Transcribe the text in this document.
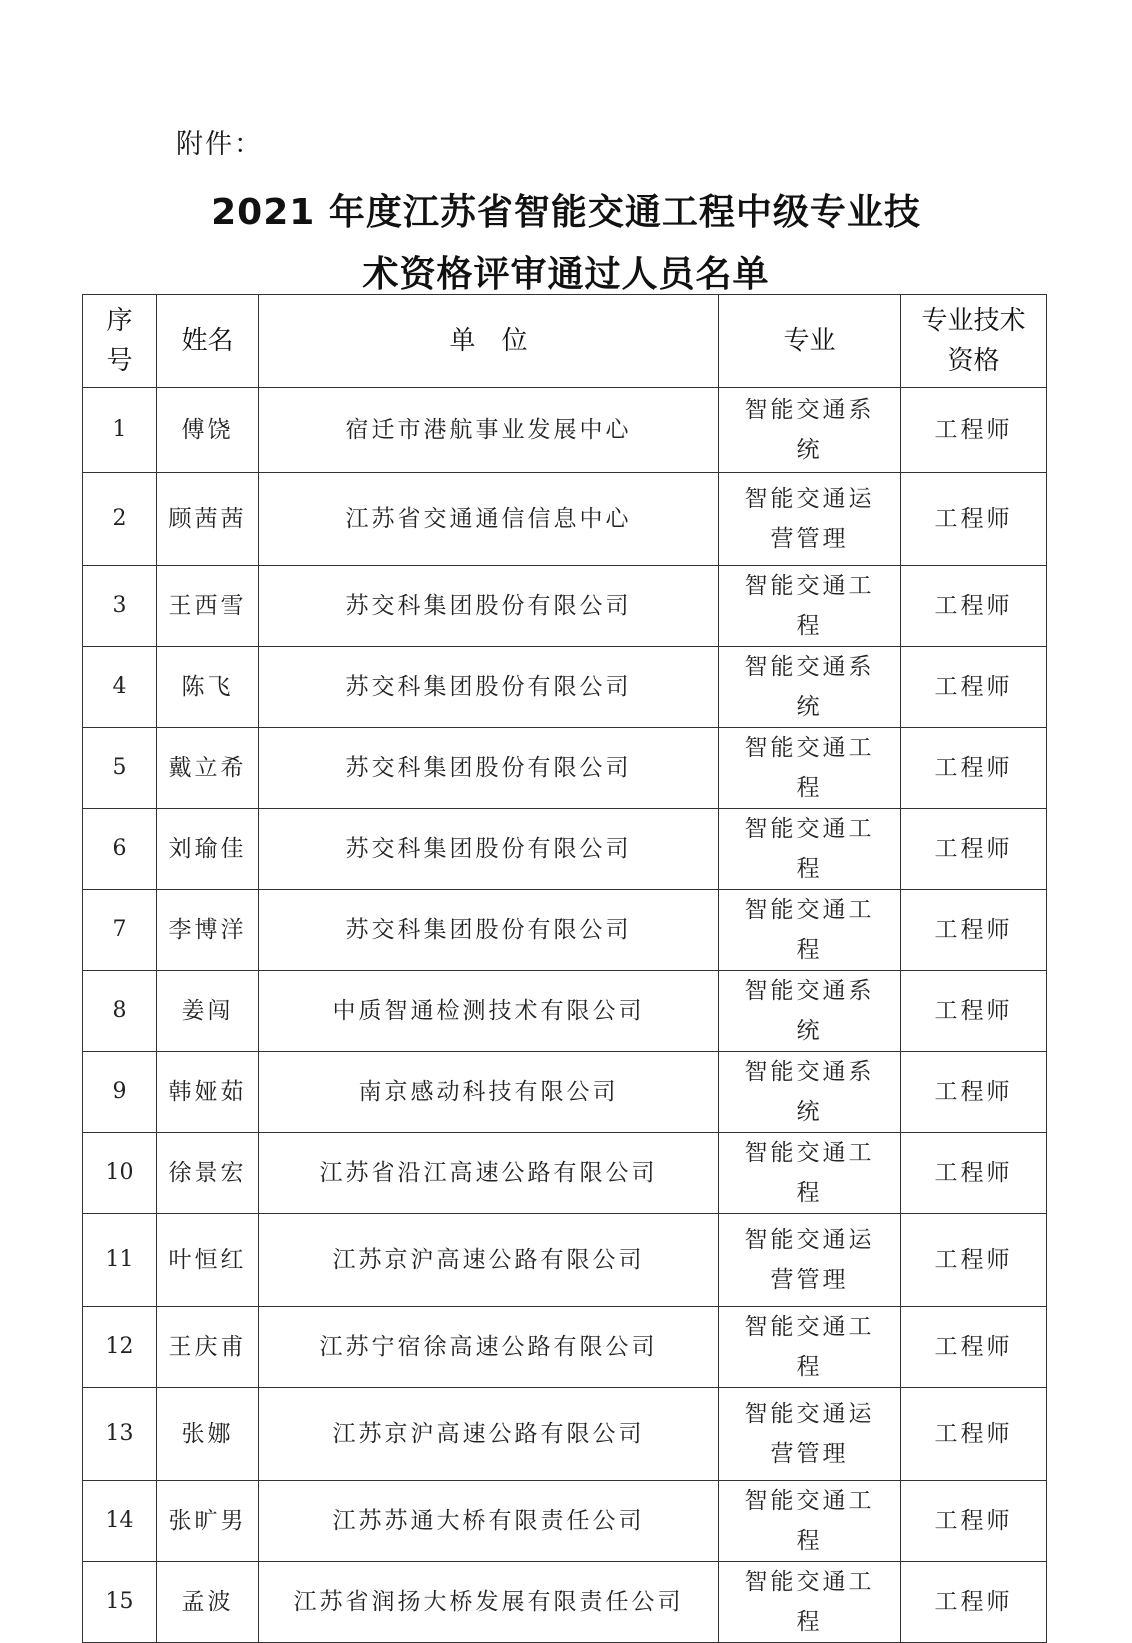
附件：
2021 年度江苏省智能交通工程中级专业技
术资格评审通过人员名单
序号	姓名	单　位	专业	专业技术资格
1	傅饶	宿迁市港航事业发展中心	智能交通系统	工程师
2	顾茜茜	江苏省交通通信信息中心	智能交通运营管理	工程师
3	王西雪	苏交科集团股份有限公司	智能交通工程	工程师
4	陈飞	苏交科集团股份有限公司	智能交通系统	工程师
5	戴立希	苏交科集团股份有限公司	智能交通工程	工程师
6	刘瑜佳	苏交科集团股份有限公司	智能交通工程	工程师
7	李博洋	苏交科集团股份有限公司	智能交通工程	工程师
8	姜闯	中质智通检测技术有限公司	智能交通系统	工程师
9	韩娅茹	南京感动科技有限公司	智能交通系统	工程师
10	徐景宏	江苏省沿江高速公路有限公司	智能交通工程	工程师
11	叶恒红	江苏京沪高速公路有限公司	智能交通运营管理	工程师
12	王庆甫	江苏宁宿徐高速公路有限公司	智能交通工程	工程师
13	张娜	江苏京沪高速公路有限公司	智能交通运营管理	工程师
14	张旷男	江苏苏通大桥有限责任公司	智能交通工程	工程师
15	孟波	江苏省润扬大桥发展有限责任公司	智能交通工程	工程师
